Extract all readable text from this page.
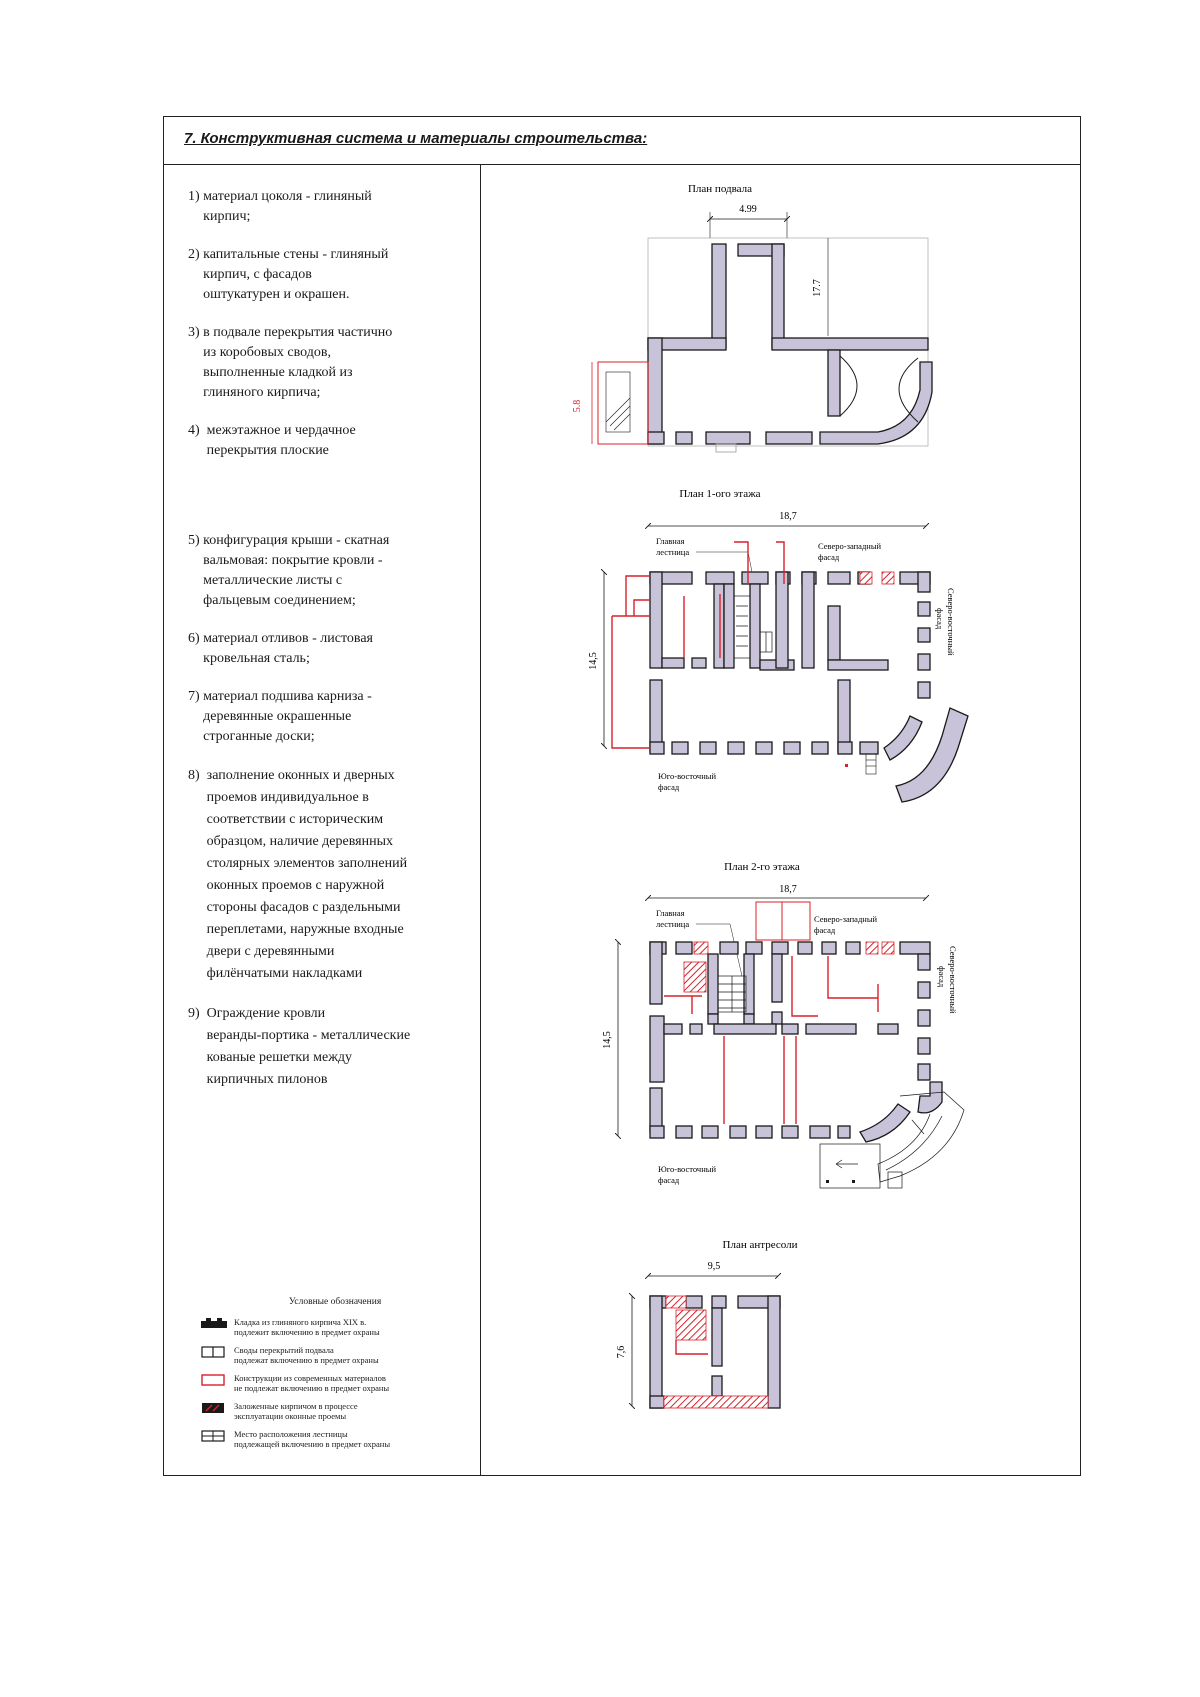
7. Конструктивная система и материалы строительства:
1) материал цоколя - глиняный
кирпич;
2) капитальные стены - глиняный
кирпич, с фасадов
оштукатурен и окрашен.
3) в подвале перекрытия частично
из коробовых сводов,
выполненные кладкой из
глиняного кирпича;
4) межэтажное и чердачное
перекрытия плоские
5) конфигурация крыши - скатная
вальмовая: покрытие кровли -
металлические листы с
фальцевым соединением;
6) материал отливов - листовая
кровельная сталь;
7) материал подшива карниза -
деревянные окрашенные
строганные доски;
8) заполнение оконных и дверных
проемов индивидуальное в
соответствии с историческим
образцом, наличие деревянных
столярных элементов заполнений
оконных проемов с наружной
стороны фасадов с раздельными
переплетами, наружные входные
двери с деревянными
филёнчатыми накладками
9) Ограждение кровли
веранды-портика - металлические
кованые решетки между
кирпичных пилонов

Условные обозначения

Кладка из глиняного кирпича XIX в.
подлежит включению в предмет охраны
Своды перекрытий подвала
подлежат включению в предмет охраны
Конструкции из современных материалов
не подлежат включению в предмет охраны
Заложенные кирпичом в процессе
эксплуатации оконные проемы
Место расположения лестницы
подлежащей включению в предмет охраны
План подвала
4.99
17.7
5.8
План 1-ого этажа
18,7
Главная лестница
Северо-западный фасад
14,5
Юго-восточный фасад
Северо-восточныйфасад
План 2-го этажа
18,7
Главная лестница	Северо-западный фасад
14,5
Юго-восточный фасад
Северо-восточныйфасад
План антресоли
9,5
7,6
